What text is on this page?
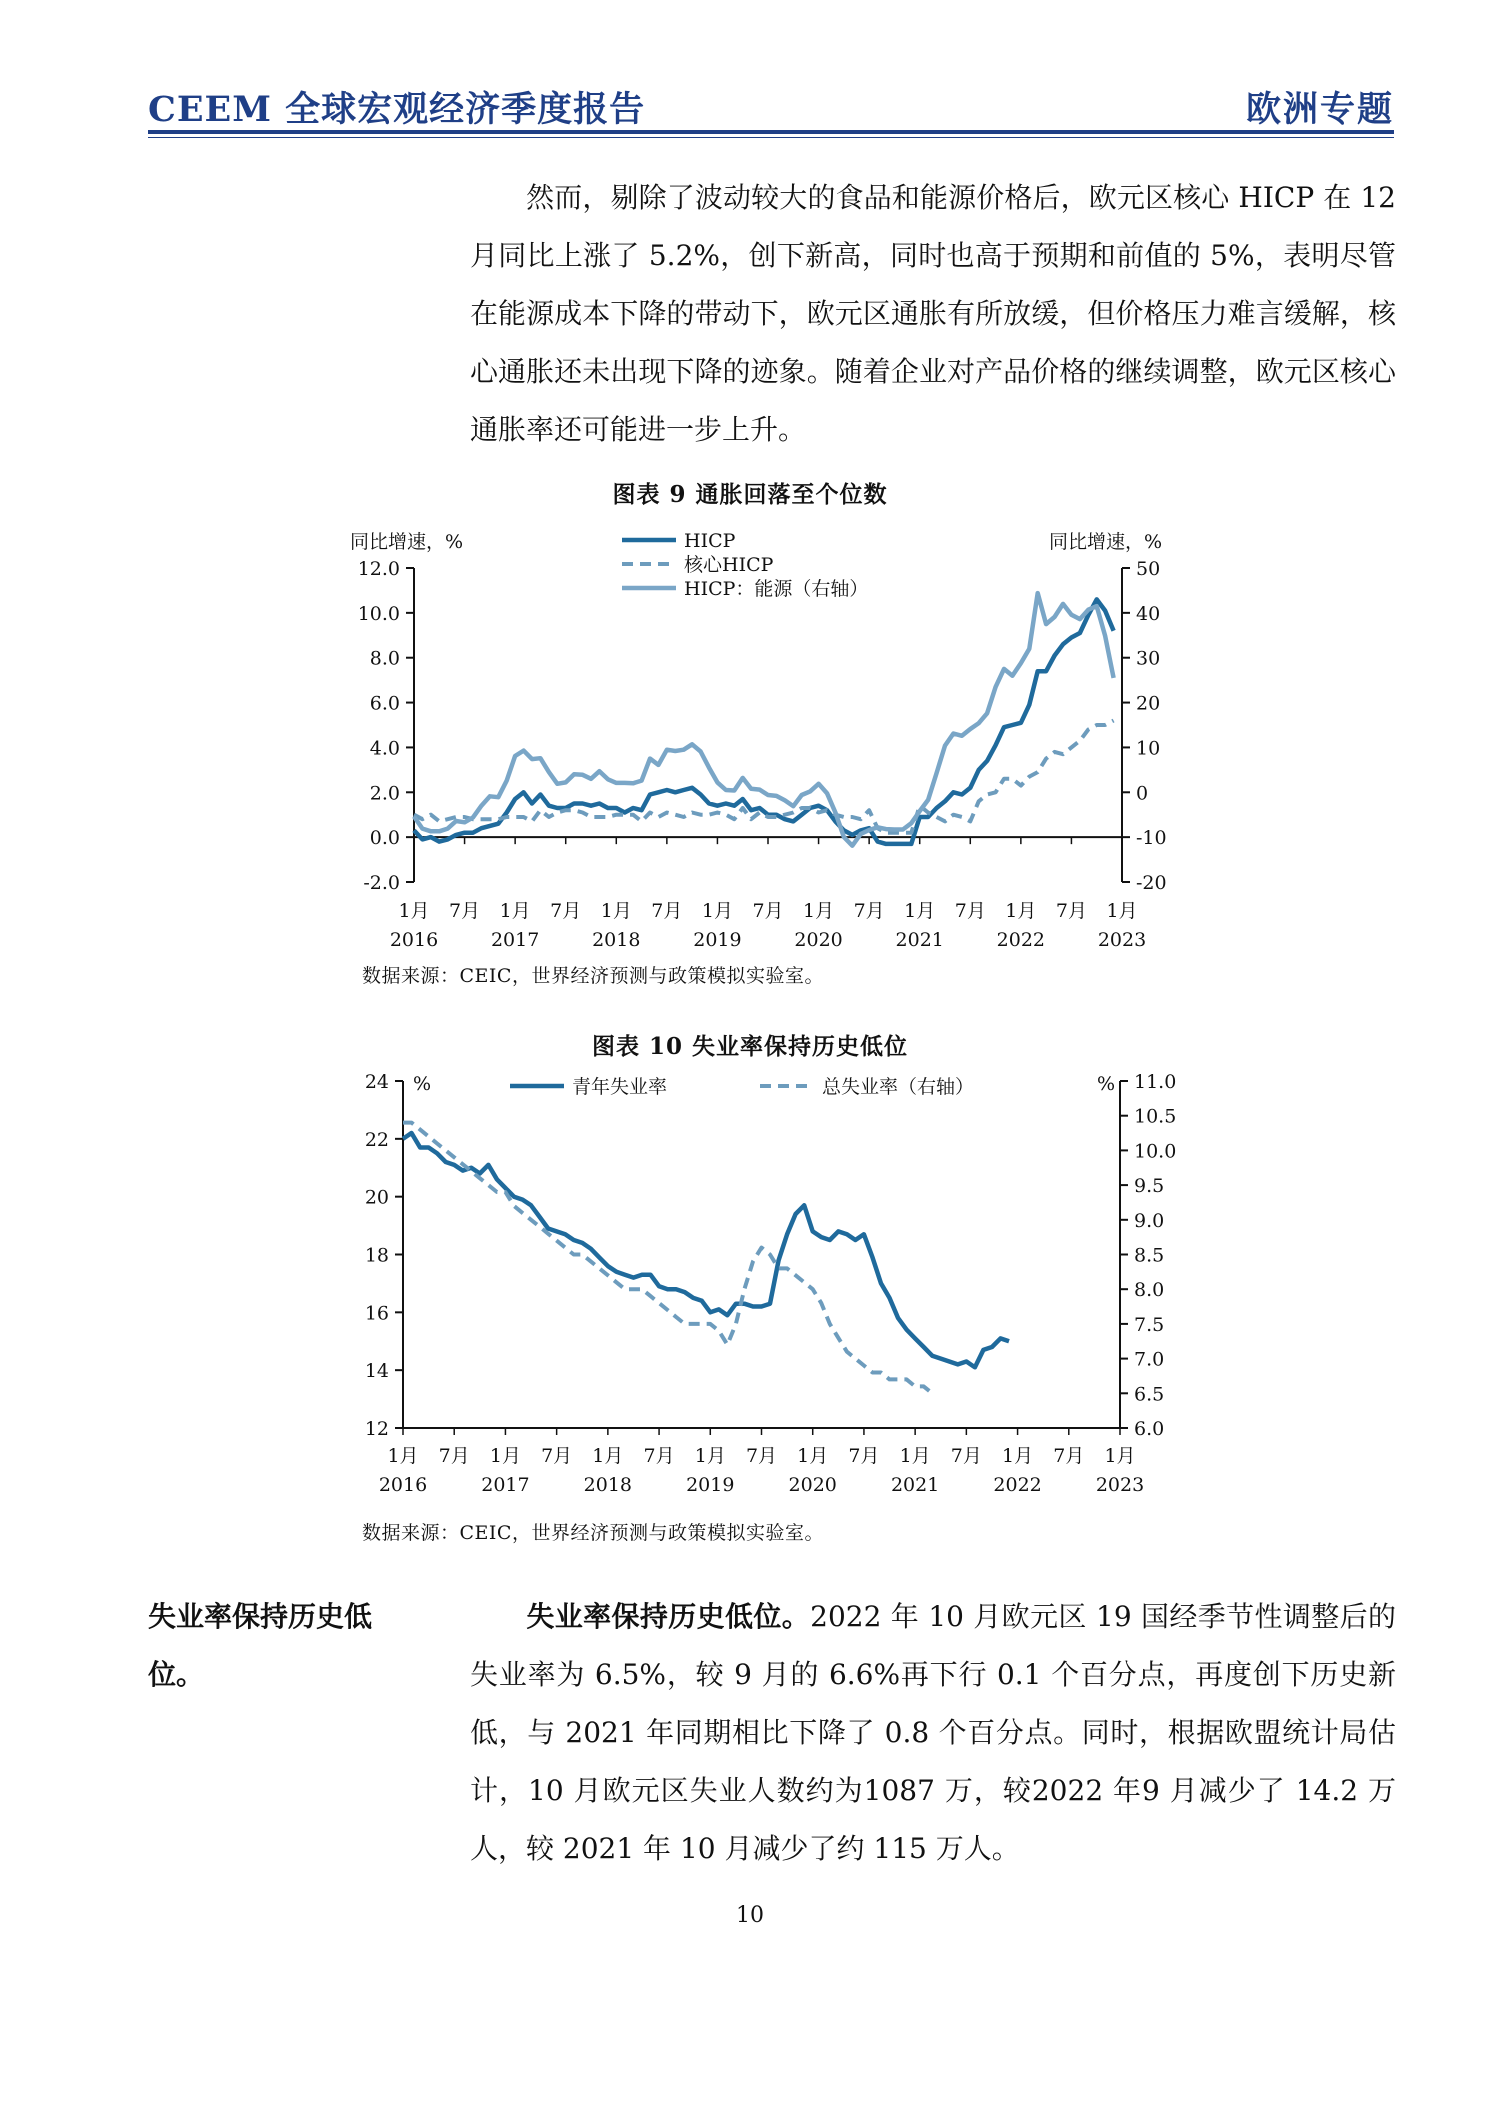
CEEM 全球宏观经济季度报告	欧洲专题
然而，剔除了波动较大的食品和能源价格后，欧元区核心 HICP 在 12 月同比上涨了 5.2%，创下新高，同时也高于预期和前值的 5%，表明尽管在能源成本下降的带动下，欧元区通胀有所放缓，但价格压力难言缓解，核心通胀还未出现下降的迹象。随着企业对产品价格的继续调整，欧元区核心通胀率还可能进一步上升。
图表 9 通胀回落至个位数
数据来源：CEIC，世界经济预测与政策模拟实验室。
图表 10 失业率保持历史低位
数据来源：CEIC，世界经济预测与政策模拟实验室。
失业率保持历史低位。
失业率保持历史低位。2022 年 10 月欧元区 19 国经季节性调整后的失业率为 6.5%，较 9 月的 6.6%再下行 0.1 个百分点，再度创下历史新低，与 2021 年同期相比下降了 0.8 个百分点。同时，根据欧盟统计局估计，10 月欧元区失业人数约为1087 万，较2022 年9 月减少了 14.2 万人，较 2021 年 10 月减少了约 115 万人。
10
-2.0
0.0
2.0
4.0
6.0
8.0
10.0
12.0
-20
-10
0
10
20
30
40
50
1月 7月 1月 7月 1月 7月 1月 7月 1月 7月 1月 7月 1月 7月 1月
2016	2017	2018	2019	2020	2021	2022	2023
同比增速，%	同比增速，%
HICP
核心HICP
HICP：能源（右轴）
12
14
16
18
20
22
24
6.0
6.5
7.0
7.5
8.0
8.5
9.0
9.5
10.0
10.5
11.0
1月 7月 1月 7月 1月 7月 1月 7月 1月 7月 1月 7月 1月 7月 1月
2016	2017	2018	2019	2020	2021	2022	2023
%	%
青年失业率	总失业率（右轴）
